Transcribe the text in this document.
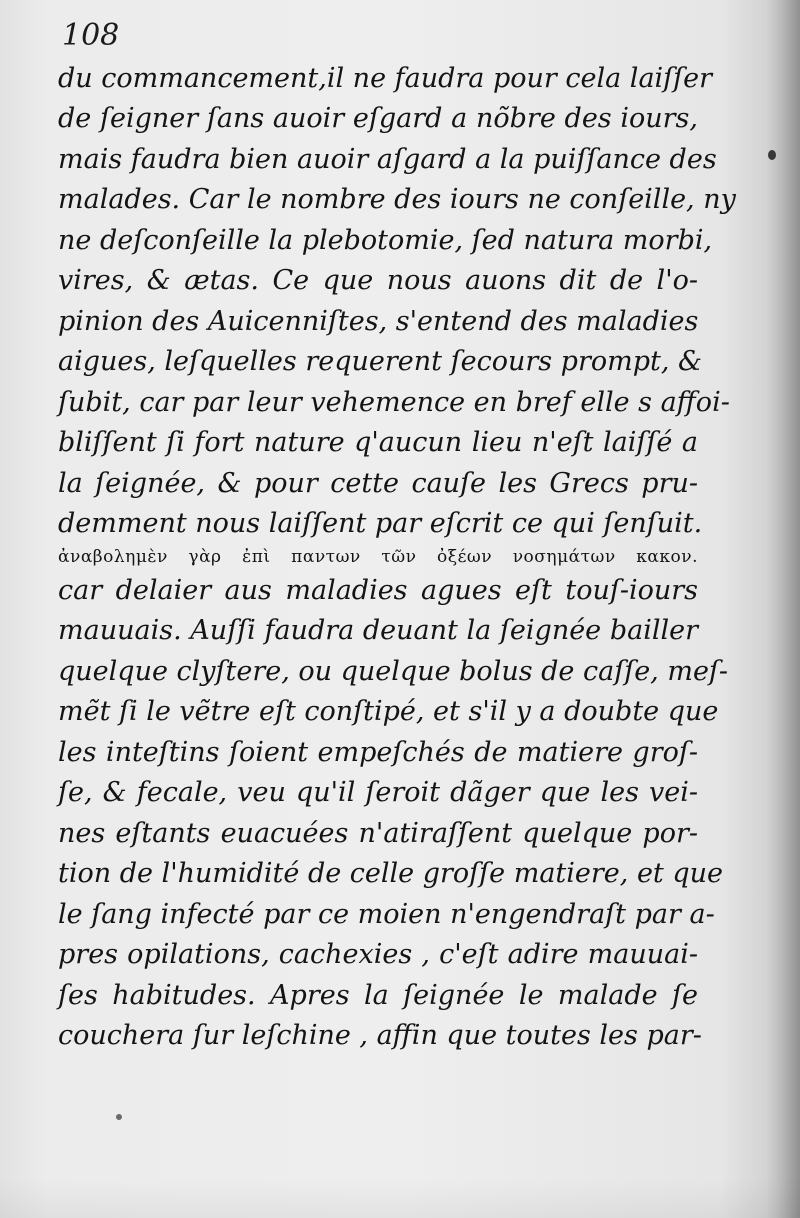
108
du commancement,il ne faudra pour cela laiſſer
de ſeigner ſans auoir eſgard a nõbre des iours,
mais faudra bien auoir aſgard a la puiſſance des
malades. Car le nombre des iours ne conſeille, ny
ne deſconſeille la plebotomie, ſed natura morbi,
vires, & ætas. Ce que nous auons dit de l'o-
pinion des Auicenniſtes, s'entend des maladies
aigues, leſquelles requerent ſecours prompt, &
ſubit, car par leur vehemence en bref elle s affoi-
bliſſent ſi fort nature q'aucun lieu n'eſt laiſſé a
la ſeignée, & pour cette cauſe les Grecs pru-
demment nous laiſſent par eſcrit ce qui ſenſuit.
ἀναβολημὲν γὰρ ἐπὶ παντων τῶν ὀξέων νοσημάτων κακον.
car delaier aus maladies agues eſt touſ-iours
mauuais. Auſſi faudra deuant la ſeignée bailler
quelque clyſtere, ou quelque bolus de caſſe, meſ-
mẽt ſi le vẽtre eſt conſtipé, et s'il y a doubte que
les inteſtins ſoient empeſchés de matiere groſ-
ſe, & fecale, veu qu'il ſeroit dãger que les vei-
nes eſtants euacuées n'atiraſſent quelque por-
tion de l'humidité de celle groſſe matiere, et que
le ſang infecté par ce moien n'engendraſt par a-
pres opilations, cachexies , c'eſt adire mauuai-
ſes habitudes. Apres la ſeignée le malade ſe
couchera ſur leſchine , affin que toutes les par-
